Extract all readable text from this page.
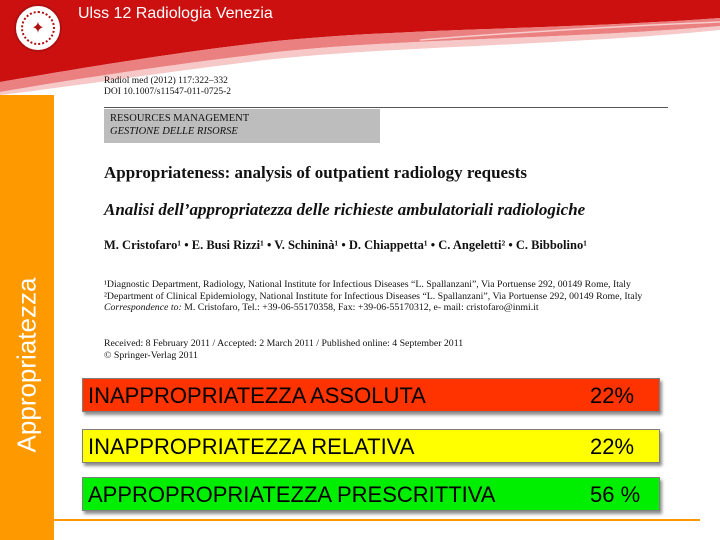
✦
Ulss 12 Radiologia Venezia
Appropriatezza
Radiol med (2012) 117:322–332
DOI 10.1007/s11547-011-0725-2
RESOURCES MANAGEMENT
GESTIONE DELLE RISORSE
Appropriateness: analysis of outpatient radiology requests
Analisi dell’appropriatezza delle richieste ambulatoriali radiologiche
M. Cristofaro¹ • E. Busi Rizzi¹ • V. Schininà¹ • D. Chiappetta¹ • C. Angeletti² • C. Bibbolino¹
¹Diagnostic Department, Radiology, National Institute for Infectious Diseases “L. Spallanzani”, Via Portuense 292, 00149 Rome, Italy
²Department of Clinical Epidemiology, National Institute for Infectious Diseases “L. Spallanzani”, Via Portuense 292, 00149 Rome, Italy
Correspondence to: M. Cristofaro, Tel.: +39-06-55170358, Fax: +39-06-55170312, e- mail: cristofaro@inmi.it
Received: 8 February 2011 / Accepted: 2 March 2011 / Published online: 4 September 2011
© Springer-Verlag 2011
INAPPROPRIATEZZA ASSOLUTA	22%
INAPPROPRIATEZZA RELATIVA	22%
APPROPROPRIATEZZA PRESCRITTIVA	56 %
